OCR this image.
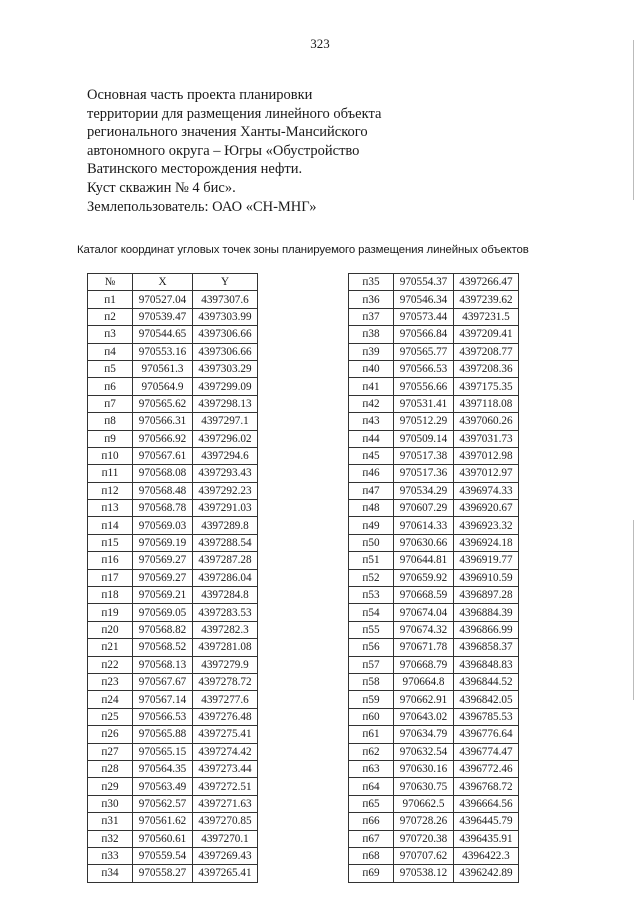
323
Основная часть проекта планировки
территории для размещения линейного объекта
регионального значения Ханты-Мансийского
автономного округа – Югры «Обустройство
Ватинского месторождения нефти.
Куст скважин № 4 бис».
Землепользователь: ОАО «СН-МНГ»
Каталог координат угловых точек зоны планируемого размещения линейных объектов
№	X	Y
п1	970527.04	4397307.6
п2	970539.47	4397303.99
п3	970544.65	4397306.66
п4	970553.16	4397306.66
п5	970561.3	4397303.29
п6	970564.9	4397299.09
п7	970565.62	4397298.13
п8	970566.31	4397297.1
п9	970566.92	4397296.02
п10	970567.61	4397294.6
п11	970568.08	4397293.43
п12	970568.48	4397292.23
п13	970568.78	4397291.03
п14	970569.03	4397289.8
п15	970569.19	4397288.54
п16	970569.27	4397287.28
п17	970569.27	4397286.04
п18	970569.21	4397284.8
п19	970569.05	4397283.53
п20	970568.82	4397282.3
п21	970568.52	4397281.08
п22	970568.13	4397279.9
п23	970567.67	4397278.72
п24	970567.14	4397277.6
п25	970566.53	4397276.48
п26	970565.88	4397275.41
п27	970565.15	4397274.42
п28	970564.35	4397273.44
п29	970563.49	4397272.51
п30	970562.57	4397271.63
п31	970561.62	4397270.85
п32	970560.61	4397270.1
п33	970559.54	4397269.43
п34	970558.27	4397265.41
п35	970554.37	4397266.47
п36	970546.34	4397239.62
п37	970573.44	4397231.5
п38	970566.84	4397209.41
п39	970565.77	4397208.77
п40	970566.53	4397208.36
п41	970556.66	4397175.35
п42	970531.41	4397118.08
п43	970512.29	4397060.26
п44	970509.14	4397031.73
п45	970517.38	4397012.98
п46	970517.36	4397012.97
п47	970534.29	4396974.33
п48	970607.29	4396920.67
п49	970614.33	4396923.32
п50	970630.66	4396924.18
п51	970644.81	4396919.77
п52	970659.92	4396910.59
п53	970668.59	4396897.28
п54	970674.04	4396884.39
п55	970674.32	4396866.99
п56	970671.78	4396858.37
п57	970668.79	4396848.83
п58	970664.8	4396844.52
п59	970662.91	4396842.05
п60	970643.02	4396785.53
п61	970634.79	4396776.64
п62	970632.54	4396774.47
п63	970630.16	4396772.46
п64	970630.75	4396768.72
п65	970662.5	4396664.56
п66	970728.26	4396445.79
п67	970720.38	4396435.91
п68	970707.62	4396422.3
п69	970538.12	4396242.89
